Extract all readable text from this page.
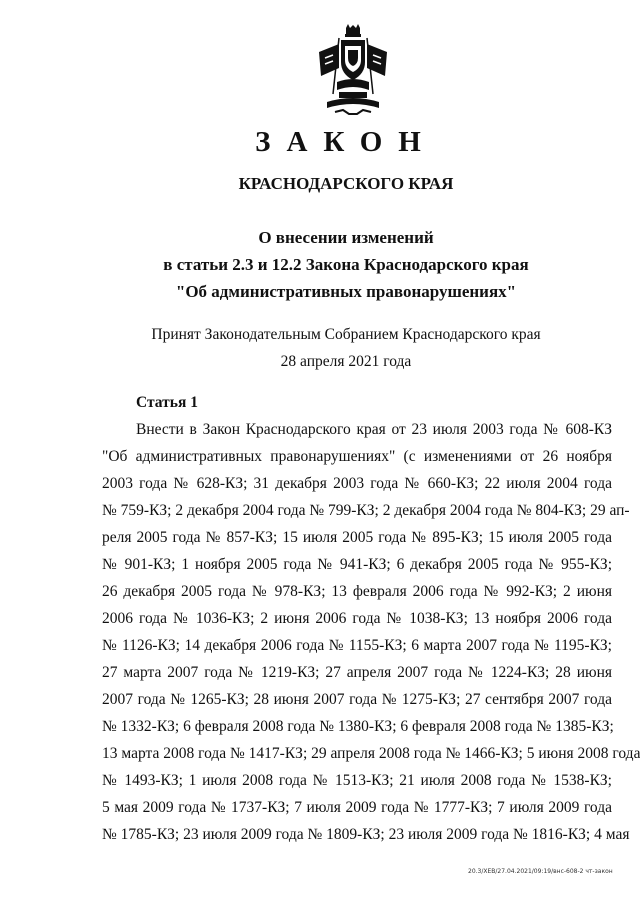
ЗАКОН
КРАСНОДАРСКОГО КРАЯ
О внесении изменений
в статьи 2.3 и 12.2 Закона Краснодарского края
"Об административных правонарушениях"
Принят Законодательным Собранием Краснодарского края
28 апреля 2021 года
Статья 1
Внести в Закон Краснодарского края от 23 июля 2003 года № 608-КЗ
"Об административных правонарушениях" (с изменениями от 26 ноября
2003 года № 628-КЗ; 31 декабря 2003 года № 660-КЗ; 22 июля 2004 года
№ 759-КЗ; 2 декабря 2004 года № 799-КЗ; 2 декабря 2004 года № 804-КЗ; 29 ап-
реля 2005 года № 857-КЗ; 15 июля 2005 года № 895-КЗ; 15 июля 2005 года
№ 901-КЗ; 1 ноября 2005 года № 941-КЗ; 6 декабря 2005 года № 955-КЗ;
26 декабря 2005 года № 978-КЗ; 13 февраля 2006 года № 992-КЗ; 2 июня
2006 года № 1036-КЗ; 2 июня 2006 года № 1038-КЗ; 13 ноября 2006 года
№ 1126-КЗ; 14 декабря 2006 года № 1155-КЗ; 6 марта 2007 года № 1195-КЗ;
27 марта 2007 года № 1219-КЗ; 27 апреля 2007 года № 1224-КЗ; 28 июня
2007 года № 1265-КЗ; 28 июня 2007 года № 1275-КЗ; 27 сентября 2007 года
№ 1332-КЗ; 6 февраля 2008 года № 1380-КЗ; 6 февраля 2008 года № 1385-КЗ;
13 марта 2008 года № 1417-КЗ; 29 апреля 2008 года № 1466-КЗ; 5 июня 2008 года
№ 1493-КЗ; 1 июля 2008 года № 1513-КЗ; 21 июля 2008 года № 1538-КЗ;
5 мая 2009 года № 1737-КЗ; 7 июля 2009 года № 1777-КЗ; 7 июля 2009 года
№ 1785-КЗ; 23 июля 2009 года № 1809-КЗ; 23 июля 2009 года № 1816-КЗ; 4 мая
20.3/ХЕВ/27.04.2021/09:19/внс-608-2 чт-закон
